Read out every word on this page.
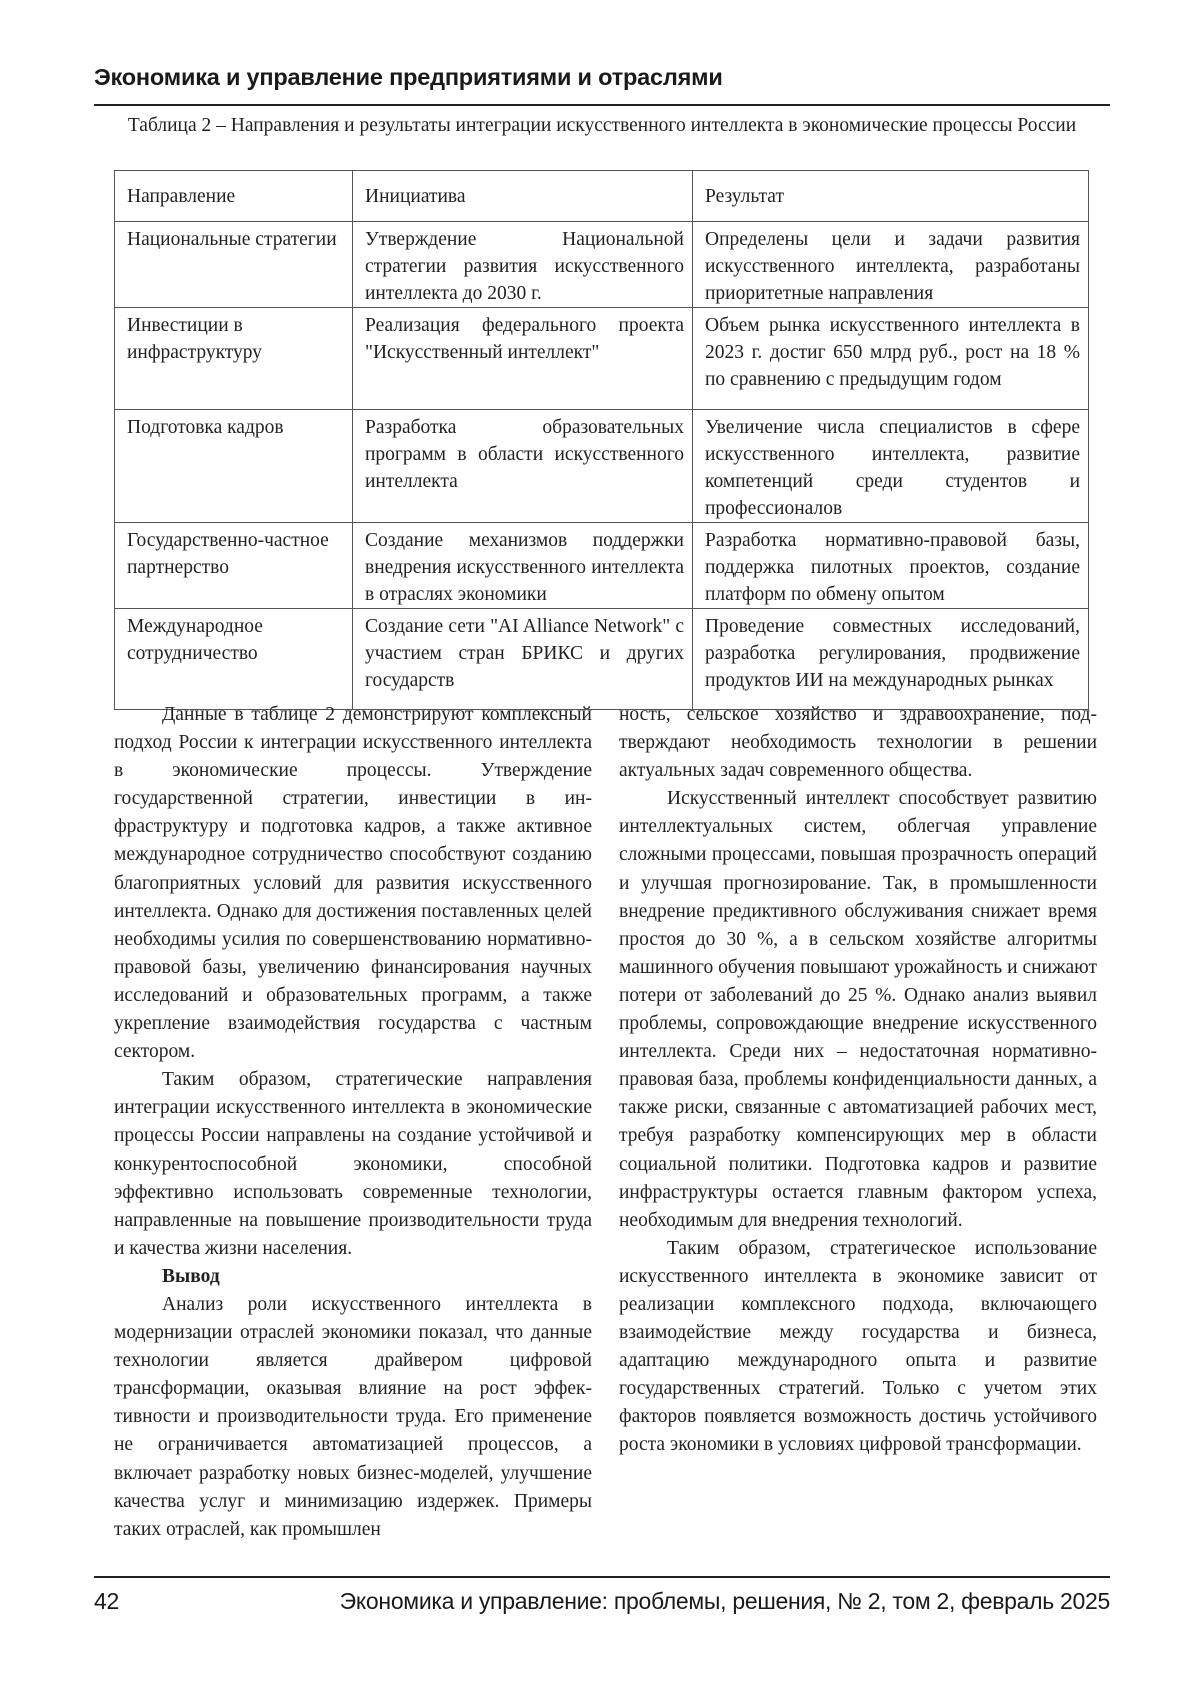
Экономика и управление предприятиями и отраслями
Таблица 2 – Направления и результаты интеграции искусственного интеллекта в экономические процессы России
Направление	Инициатива	Результат
Национальные стратегии	Утверждение Национальной стратегии развития искусственного интеллекта до 2030 г.	Определены цели и задачи развития искусственного интеллекта, разработаны приоритетные направления
Инвестиции в инфраструктуру	Реализация федерального проекта "Искусственный интеллект"	Объем рынка искусственного интеллекта в 2023 г. достиг 650 млрд руб., рост на 18 % по сравнению с предыдущим годом
Подготовка кадров	Разработка образовательных программ в области искусственного интеллекта	Увеличение числа специалистов в сфере искусственного интеллекта, развитие компетенций среди студентов и профессионалов
Государственно-частное партнерство	Создание механизмов поддержки внедрения искусственного интеллекта в отраслях экономики	Разработка нормативно-правовой базы, поддержка пилотных проектов, создание платформ по обмену опытом
Международное сотрудничество	Создание сети "AI Alliance Network" с участием стран БРИКС и других государств	Проведение совместных исследований, разработка регулирования, продвижение продуктов ИИ на международных рынках

Данные в таблице 2 демонстрируют комплексный подход России к интеграции искусственного интеллекта в экономические процессы. Утверждение государственной стратегии, инвестиции в инфраструктуру и подготовка кадров, а также активное международное сотрудничество способствуют созданию благоприятных условий для развития искусственного интеллекта. Однако для достижения поставленных целей необходимы усилия по совершенствованию нормативно-правовой базы, увеличению финансирования научных исследований и образовательных программ, а также укрепление взаимодействия государства с частным сектором.

Таким образом, стратегические направления интеграции искусственного интеллекта в экономические процессы России направлены на создание устойчивой и конкурентоспособной экономики, способной эффективно использовать современные технологии, направленные на повышение производительности труда и качества жизни населения.

Вывод

Анализ роли искусственного интеллекта в модернизации отраслей экономики показал, что данные технологии является драйвером цифровой трансформации, оказывая влияние на рост эффективности и производительности труда. Его применение не ограничивается автоматизацией процессов, а включает разработку новых бизнес-моделей, улучшение качества услуг и минимизацию издержек. Примеры таких отраслей, как промышлен

ность, сельское хозяйство и здравоохранение, подтверждают необходимость технологии в решении актуальных задач современного общества.

Искусственный интеллект способствует развитию интеллектуальных систем, облегчая управление сложными процессами, повышая прозрачность операций и улучшая прогнозирование. Так, в промышленности внедрение предиктивного обслуживания снижает время простоя до 30 %, а в сельском хозяйстве алгоритмы машинного обучения повышают урожайность и снижают потери от заболеваний до 25 %. Однако анализ выявил проблемы, сопровождающие внедрение искусственного интеллекта. Среди них – недостаточная нормативно-правовая база, проблемы конфиденциальности данных, а также риски, связанные с автоматизацией рабочих мест, требуя разработку компенсирующих мер в области социальной политики. Подготовка кадров и развитие инфраструктуры остается главным фактором успеха, необходимым для внедрения технологий.

Таким образом, стратегическое использование искусственного интеллекта в экономике зависит от реализации комплексного подхода, включающего взаимодействие между государства и бизнеса, адаптацию международного опыта и развитие государственных стратегий. Только с учетом этих факторов появляется возможность достичь устойчивого роста экономики в условиях цифровой трансформации.

42	Экономика и управление: проблемы, решения, № 2, том 2, февраль 2025
